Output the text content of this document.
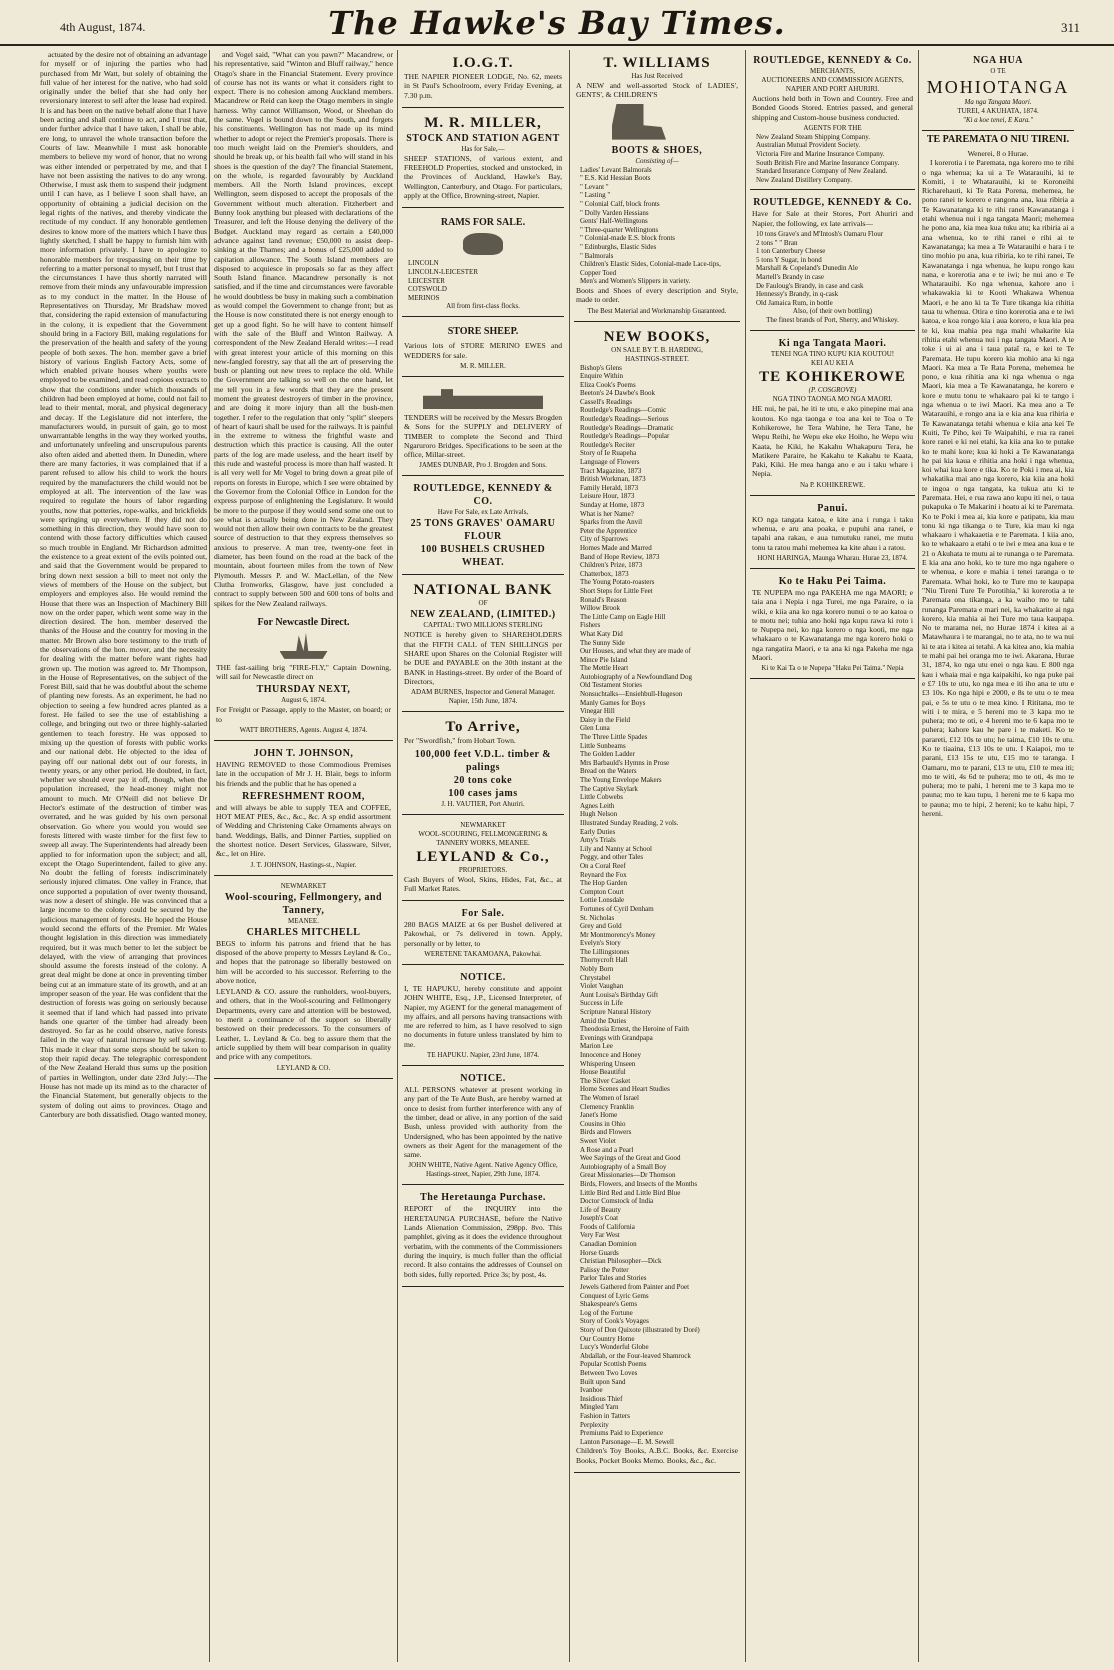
4th August, 1874.	The Hawke's Bay Times.	311

actuated by the desire not of obtaining an advantage for myself or of injuring the parties who had purchased from Mr Watt, but solely of obtaining the full value of her interest for the native, who had sold originally under the belief that she had only her reversionary interest to sell after the lease had expired. It is and has been on the native behalf alone that I have been acting and shall continue to act, and I trust that, under further advice that I have taken, I shall be able, ere long, to unravel the whole transaction before the Courts of law. Meanwhile I must ask honorable members to believe my word of honor, that no wrong was either intended or perpetrated by me, and that I have not been assisting the natives to do any wrong. Otherwise, I must ask them to suspend their judgment until I can have, as I believe I soon shall have, an opportunity of obtaining a judicial decision on the legal rights of the natives, and thereby vindicate the rectitude of my conduct. If any honorable gentlemen desires to know more of the matters which I have thus lightly sketched, I shall be happy to furnish him with more information privately. I have to apologize to honorable members for trespassing on their time by referring to a matter personal to myself, but I trust that the circumstances I have thus shortly narrated will remove from their minds any unfavourable impression as to my conduct in the matter. In the House of Representatives on Thursday, Mr Bradshaw moved that, considering the rapid extension of manufacturing in the colony, it is expedient that the Government should bring in a Factory Bill, making regulations for the preservation of the health and safety of the young people of both sexes. The hon. member gave a brief history of various English Factory Acts, some of which enabled private houses where youths were employed to be examined, and read copious extracts to show that the conditions under which thousands of children had been employed at home, could not fail to lead to their mental, moral, and physical degeneracy and decay. If the Legislature did not interfere, the manufacturers would, in pursuit of gain, go to most unwarrantable lengths in the way they worked youths, and unfortunately unfeeling and unscrupulous parents also often aided and abetted them. In Dunedin, where there are many factories, it was complained that if a parent refused to allow his child to work the hours required by the manufacturers the child would not be employed at all. The intervention of the law was required to regulate the hours of labor regarding youths, now that potteries, rope-walks, and brickfields were springing up everywhere. If they did not do something in this direction, they would have soon to contend with those factory difficulties which caused so much trouble in England. Mr Richardson admitted the existence to a great extent of the evils pointed out, and said that the Government would be prepared to bring down next session a bill to meet not only the views of members of the House on the subject, but employers and employes also. He would remind the House that there was an Inspection of Machinery Bill now on the order paper, which went some way in the direction desired. The hon. member deserved the thanks of the House and the country for moving in the matter. Mr Brown also bore testimony to the truth of the observations of the hon. mover, and the necessity for dealing with the matter before want rights had grown up. The motion was agreed to. Mr Thompson, in the House of Representatives, on the subject of the Forest Bill, said that he was doubtful about the scheme of planting new forests. As an experiment, he had no objection to seeing a few hundred acres planted as a forest. He failed to see the use of establishing a college, and bringing out two or three highly-salaried gentlemen to teach forestry. He was opposed to mixing up the question of forests with public works and our national debt. He objected to the idea of paying off our national debt out of our forests, in twenty years, or any other period. He doubted, in fact, whether we should ever pay it off, though, when the population increased, the head-money might not amount to much. Mr O'Neill did not believe Dr Hector's estimate of the destruction of timber was overrated, and he was guided by his own personal observation. Go where you would you would see forests littered with waste timber for the first few to sweep all away. The Superintendents had already been applied to for information upon the subject; and all, except the Otago Superintendent, failed to give any. No doubt the felling of forests indiscriminately seriously injured climates. One valley in France, that once supported a population of over twenty thousand, was now a desert of shingle. He was convinced that a large income to the colony could be secured by the judicious management of forests. He hoped the House would second the efforts of the Premier. Mr Wales thought legislation in this direction was immediately required, but it was much better to let the subject be delayed, with the view of arranging that provinces should assume the forests instead of the colony. A great deal might be done at once in preventing timber being cut at an immature state of its growth, and at an improper season of the year. He was confident that the destruction of forests was going on seriously because it seemed that if land which had passed into private hands one quarter of the timber had already been destroyed. So far as he could observe, native forests failed in the way of natural increase by self sowing. This made it clear that some steps should be taken to stop their rapid decay. The telegraphic correspondent of the New Zealand Herald thus sums up the position of parties in Wellington, under date 23rd July:—The House has not made up its mind as to the character of the Financial Statement, but generally objects to the system of doling out aims to provinces. Otago and Canterbury are both dissatisfied. Otago wanted money,

and Vogel said, "What can you pawn?" Macandrew, or his representative, said "Winton and Bluff railway," hence Otago's share in the Financial Statement. Every province of course has not its wants or what it considers right to expect. There is no cohesion among Auckland members. Macandrew or Reid can keep the Otago members in single harness. Why cannot Williamson, Wood, or Sheehan do the same. Vogel is bound down to the South, and forgets his constituents. Wellington has not made up its mind whether to adopt or reject the Premier's proposals. There is too much weight laid on the Premier's shoulders, and should he break up, or his health fail who will stand in his shoes is the question of the day? The financial Statement, on the whole, is regarded favourably by Auckland members. All the North Island provinces, except Wellington, seem disposed to accept the proposals of the Government without much alteration. Fitzherbert and Bunny look anything but pleased with declarations of the Treasurer, and left the House denying the delivery of the Budget. Auckland may regard as certain a £40,000 advance against land revenue; £50,000 to assist deep-sinking at the Thames; and a bonus of £25,000 added to capitation allowance. The South Island members are disposed to acquiesce in proposals so far as they affect South Island finance. Macandrew personally is not satisfied, and if the time and circumstances were favorable he would doubtless be busy in making such a combination as would compel the Government to change front; but as the House is now constituted there is not energy enough to get up a good fight. So he will have to content himself with the sale of the Bluff and Winton Railway. A correspondent of the New Zealand Herald writes:—I read with great interest your article of this morning on this new-fangled forestry, say that all the art of preserving the bush or planting out new trees to replace the old. While the Government are talking so well on the one hand, let me tell you in a few words that they are the present moment the greatest destroyers of timber in the province, and are doing it more injury than all the bush-men together. I refer to the regulation that only "split" sleepers of heart of kauri shall be used for the railways. It is painful in the extreme to witness the frightful waste and destruction which this practice is causing. All the outer parts of the log are made useless, and the heart itself by this rude and wasteful process is more than half wasted. It is all very well for Mr Vogel to bring down a great pile of reports on forests in Europe, which I see were obtained by the Governor from the Colonial Office in London for the express purpose of enlightening the Legislature. It would be more to the purpose if they would send some one out to see what is actually being done in New Zealand. They would not then allow their own contracts to be the greatest source of destruction to that they express themselves so anxious to preserve. A man tree, twenty-one feet in diameter, has been found on the road at the back of the mountain, about fourteen miles from the town of New Plymouth. Messrs P. and W. MacLellan, of the New Clutha Ironworks, Glasgow, have just concluded a contract to supply between 500 and 600 tons of bolts and spikes for the New Zealand railways.

For Newcastle Direct.

THE fast-sailing brig "FIRE-FLY," Captain Downing, will sail for Newcastle direct on

THURSDAY NEXT,
August 6, 1874.

For Freight or Passage, apply to the Master, on board; or to

WATT BROTHERS, Agents. August 4, 1874.
JOHN T. JOHNSON,

HAVING REMOVED to those Commodious Premises late in the occupation of Mr J. H. Blair, begs to inform his friends and the public that he has opened a

REFRESHMENT ROOM,

and will always be able to supply TEA and COFFEE, HOT MEAT PIES, &c., &c., &c. A sp endid assortment of Wedding and Christening Cake Ornaments always on hand. Weddings, Balls, and Dinner Parties, supplied on the shortest notice. Desert Services, Glassware, Silver, &c., let on Hire.

J. T. JOHNSON, Hastings-st., Napier.
NEWMARKET
Wool-scouring, Fellmongery, and Tannery,
MEANEE.
CHARLES MITCHELL

BEGS to inform his patrons and friend that he has disposed of the above property to Messrs Leyland & Co., and hopes that the patronage so liberally bestowed on him will be accorded to his successor. Referring to the above notice,

LEYLAND & CO. assure the runholders, wool-buyers, and others, that in the Wool-scouring and Fellmongery Departments, every care and attention will be bestowed, to merit a continuance of the support so liberally bestowed on their predecessors. To the consumers of Leather, L. Leyland & Co. beg to assure them that the article supplied by them will bear comparison in quality and price with any competitors.

LEYLAND & CO.
I.O.G.T.

THE NAPIER PIONEER LODGE, No. 62, meets in St Paul's Schoolroom, every Friday Evening, at 7.30 p.m.

M. R. MILLER,
STOCK AND STATION AGENT
Has for Sale,—

SHEEP STATIONS, of various extent, and FREEHOLD Properties, stocked and unstocked, in the Provinces of Auckland, Hawke's Bay, Wellington, Canterbury, and Otago. For particulars, apply at the Office, Browning-street, Napier.

RAMS FOR SALE.
LINCOLN
LINCOLN-LEICESTER
LEICESTER
COTSWOLD
MERINOS
All from first-class flocks.
STORE SHEEP.

Various lots of STORE MERINO EWES and WEDDERS for sale.

M. R. MILLER.

TENDERS will be received by the Messrs Brogden & Sons for the SUPPLY and DELIVERY of TIMBER to complete the Second and Third Ngaruroro Bridges. Specifications to be seen at the office, Millar-street.

JAMES DUNBAR, Pro J. Brogden and Sons.
ROUTLEDGE, KENNEDY & CO.
Have For Sale, ex Late Arrivals,
25 TONS GRAVES' OAMARU FLOUR
100 BUSHELS CRUSHED WHEAT.
NATIONAL BANK
OF
NEW ZEALAND, (LIMITED.)
CAPITAL: TWO MILLIONS STERLING

NOTICE is hereby given to SHAREHOLDERS that the FIFTH CALL of TEN SHILLINGS per SHARE upon Shares on the Colonial Register will be DUE and PAYABLE on the 30th instant at the BANK in Hastings-street. By order of the Board of Directors,

ADAM BURNES, Inspector and General Manager. Napier, 15th June, 1874.
To Arrive,

Per "Swordfish," from Hobart Town.

100,000 feet V.D.L. timber & palings
20 tons coke
100 cases jams
J. H. VAUTIER, Port Ahuriri.
NEWMARKET
WOOL-SCOURING, FELLMONGERING & TANNERY WORKS, MEANEE.
LEYLAND & Co.,
PROPRIETORS.

Cash Buyers of Wool, Skins, Hides, Fat, &c., at Full Market Rates.

For Sale.

280 BAGS MAIZE at 6s per Bushel delivered at Pakowhai, or 7s delivered in town. Apply, personally or by letter, to

WERETENE TAKAMOANA, Pakowhai.
NOTICE.

I, TE HAPUKU, hereby constitute and appoint JOHN WHITE, Esq., J.P., Licensed Interpreter, of Napier, my AGENT for the general management of my affairs, and all persons having transactions with me are referred to him, as I have resolved to sign no documents in future unless translated by him to me.

TE HAPUKU. Napier, 23rd June, 1874.
NOTICE.

ALL PERSONS whatever at present working in any part of the Te Aute Bush, are hereby warned at once to desist from further interference with any of the timber, dead or alive, in any portion of the said Bush, unless provided with authority from the Undersigned, who has been appointed by the native owners as their Agent for the management of the same.

JOHN WHITE, Native Agent. Native Agency Office, Hastings-street, Napier, 29th June, 1874.
The Heretaunga Purchase.

REPORT of the INQUIRY into the HERETAUNGA PURCHASE, before the Native Lands Alienation Commission, 298pp. 8vo. This pamphlet, giving as it does the evidence throughout verbatim, with the comments of the Commissioners during the inquiry, is much fuller than the official record. It also contains the addresses of Counsel on both sides, fully reported. Price 3s; by post, 4s.

T. WILLIAMS
Has Just Received

A NEW and well-assorted Stock of LADIES', GENTS', & CHILDREN'S

BOOTS & SHOES,
Consisting of—
Ladies' Levant Balmorals
" E.S. Kid Hessian Boots
" Levant "
" Lasting "
" Colonial Calf, block fronts
" Dolly Varden Hessians
Gents' Half-Wellingtons
" Three-quarter Wellingtons
" Colonial-made E.S. block fronts
" Edinburghs, Elastic Sides
" Balmorals
Children's Elastic Sides, Colonial-made Lace-tips, Copper Toed
Men's and Women's Slippers in variety.

Boots and Shoes of every description and Style, made to order.

The Best Material and Workmanship Guaranteed.
NEW BOOKS,
ON SALE BY T. B. HARDING,
HASTINGS-STREET.
Bishop's Glens
Enquire Within
Eliza Cook's Poems
Beeton's 24 Dawbe's Book
Cassell's Readings
Routledge's Readings—Comic
Routledge's Readings—Serious
Routledge's Readings—Dramatic
Routledge's Readings—Popular
Routledge's Reciter
Story of Ie Ruapeha
Language of Flowers
Tract Magazine, 1873
British Workman, 1873
Family Herald, 1873
Leisure Hour, 1873
Sunday at Home, 1873
What is her Name?
Sparks from the Anvil
Peter the Apprentice
City of Sparrows
Homes Made and Marred
Band of Hope Review, 1873
Children's Prize, 1873
Chatterbox, 1873
The Young Potato-roasters
Short Steps for Little Feet
Ronald's Reason
Willow Brook
The Little Camp on Eagle Hill
Fishers
What Katy Did
The Sunny Side
Our Houses, and what they are made of
Mince Pie Island
The Mettle Heart
Autobiography of a Newfoundland Dog
Old Testament Stories
Nonsuchtalks—Ensiehbull-Hugeson
Manly Games for Boys
Vinegar Hill
Daisy in the Field
Glen Luna
The Three Little Spades
Little Sunbeams
The Golden Ladder
Mrs Barbauld's Hymns in Prose
Bread on the Waters
The Young Envelope Makers
The Captive Skylark
Little Cobwebs
Agnes Leith
Hugh Nelson
Illustrated Sunday Reading, 2 vols.
Early Duties
Amy's Trials
Lily and Nanny at School
Peggy, and other Tales
On a Coral Reef
Reynard the Fox
The Hop Garden
Compton Court
Lottie Lonsdale
Fortunes of Cyril Denham
St. Nicholas
Grey and Gold
Mr Montmorency's Money
Evelyn's Story
The Lillingstones
Thornycroft Hall
Nobly Born
Chrystabel
Violet Vaughan
Aunt Louisa's Birthday Gift
Success in Life
Scripture Natural History
Amid the Duties
Theodosia Ernest, the Heroine of Faith
Evenings with Grandpapa
Marion Lee
Innocence and Honey
Whispering Unseen
House Beautiful
The Silver Casket
Home Scenes and Heart Studies
The Women of Israel
Clemency Franklin
Janet's Home
Cousins in Ohio
Birds and Flowers
Sweet Violet
A Rose and a Pearl
Wee Sayings of the Great and Good
Autobiography of a Small Boy
Great Missionaries—Dr Thomson
Birds, Flowers, and Insects of the Months
Little Bird Red and Little Bird Blue
Doctor Comstock of India
Life of Beauty
Joseph's Coat
Foods of California
Very Far West
Canadian Dominion
Horse Guards
Christian Philosopher—Dick
Palissy the Potter
Parlor Tales and Stories
Jewels Gathered from Painter and Poet
Conquest of Lyric Gems
Shakespeare's Gems
Log of the Fortune
Story of Cook's Voyages
Story of Don Quixote (illustrated by Doré)
Our Country Home
Lucy's Wonderful Globe
Abdallah, or the Four-leaved Shamrock
Popular Scottish Poems
Between Two Loves
Built upon Sand
Ivanhoe
Insidious Thief
Mingled Yarn
Fashion in Tatters
Perplexity
Premiums Paid to Experience
Lanton Parsonage—E. M. Sewell

Children's Toy Books, A.B.C. Books, &c. Exercise Books, Pocket Books Memo. Books, &c., &c.

ROUTLEDGE, KENNEDY & Co.
MERCHANTS,
AUCTIONEERS AND COMMISSION AGENTS,
NAPIER AND PORT AHURIRI.

Auctions held both in Town and Country. Free and Bonded Goods Stored. Entries passed, and general shipping and Custom-house business conducted.

AGENTS FOR THE
New Zealand Steam Shipping Company.
Australian Mutual Provident Society.
Victoria Fire and Marine Insurance Company.
South British Fire and Marine Insurance Company.
Standard Insurance Company of New Zealand.
New Zealand Distillery Company.
ROUTLEDGE, KENNEDY & Co.

Have for Sale at their Stores, Port Ahuriri and Napier, the following, ex late arrivals—

10 tons Grave's and M'Intosh's Oamaru Flour
2 tons " " Bran
1 ton Canterbury Cheese
5 tons Y Sugar, in bond
Marshall & Copeland's Dunedin Ale
Martell's Brandy in case
De Fauloug's Brandy, in case and cask
Hennessy's Brandy, in q-cask
Old Jamaica Rum, in bottle
Also, (of their own bottling)
The finest brands of Port, Sherry, and Whiskey.
Ki nga Tangata Maori.
TENEI NGA TINO KUPU KIA KOUTOU!
KEI AU KEI A
TE KOHIKEROWE
(P. COSGROVE)
NGA TINO TAONGA MO NGA MAORI.

HE nui, he pai, he iti te utu, e ako pinepine mai ana koutou. Ko nga taonga e toa ana kei te Toa o Te Kohikerowe, he Tera Wahine, he Tera Tane, he Wepu Reihi, he Wepu eke eke Hoiho, he Wepu wiu Kaata, he Kiki, he Kakahu Whakapuru Tera, he Matikere Paraire, he Kakahu te Kakahu te Kaata, Paki, Kiki. He mea hanga ano e au i taku whare i Nepia.

Na P. KOHIKEREWE.
Panui.

KO nga tangata katoa, e kite ana i runga i taku whenua, e aru ana poaka, e pupuhi ana ranei, e tapahi ana rakau, e aua tumutuku ranei, me mutu tonu ta ratou mahi mehemea ka kite ahau i a ratou.

HONI HARINGA, Maunga Wharau. Hurae 23, 1874.
Ko te Haku Pei Taima.

TE NUPEPA mo nga PAKEHA me nga MAORI; e taia ana i Nepia i nga Turei, me nga Paraire, o ia wiki, e kiia ana ko nga korero nunui o te ao katoa o te motu nei; tuhia ano hoki nga kupu rawa ki roto i te Nupepa nei, ko nga korero o nga kooti, me nga whakaaro o te Kawanatanga me nga korero hoki o nga rangatira Maori, e ta ana ki nga Pakeha me nga Maori.

Ki te Kai Ta o te Nupepa "Haku Pei Taima." Nepia
NGA HUA
O TE
MOHIOTANGA
Ma nga Tangata Maori.
TUREI, 4 AKUHATA, 1874.
"Ki a koe tenei, E Kara."
TE PAREMATA O NIU TIRENI.
Wenerei, 8 o Hurae.

I korerotia i te Paremata, nga korero mo te rihi o nga whenua; ka ui a Te Watarauihi, ki te Komiti, i te Whatarauihi, ki te Koroneihi Richarehauti, ki Te Rata Porena, mehemea, he pono ranei te korero e rangona ana, kua ribiria a Te Kawanatanga ki te rihi ranei Kawanatanga i etahi whenua nui i nga tangata Maori; mehemea he pono ana, kia mea kua tuku atu; ka ribiria ai a ana whenua, ko te rihi ranei e rihi ai te Kawanatanga; ka mea a Te Watarauihi e hara i te tino mohio pu ana, kua ribiria, ko te rihi ranei, Te Kawanatanga i nga whenua, he kupu rongo kau nana, e korerotia ana e te iwi; he nui ano e Te Whatarauihi. Ko nga whenua, kahore ano i whakawakia ki te Kooti Whakawa Whenua Maori, e he ano ki ta Te Ture tikanga kia rihitia taua tu whenua. Otira e tino korerotia ana e te iwi katoa, e koa rongo kia i aua korero, e kua kia pea te ki, kua mahia pea nga mahi whakarite kia rihitia etahi whenua nui i nga tangata Maori. A te toke i ui ai ana i taua pataī ra, e kei te Te Paremata. He tupu korero kia mohio ana ki nga Maori. Ka mea a Te Rata Porena, mehemea he pono, e kua rihitia ana ki nga whenua o nga Maori, kia mea a Te Kawanatanga, he korero e kore e mutu tonu te whakaaro pai ki te tango i nga whenua o te iwi Maori. Ka mea ano a Te Watarauihi, e rongo ana ia e kia ana kua rihiria e Te Kawanatanga tetahi whenua e kiia ana kei Te Kuiti, Te Piho, kei Te Waipahihi, e rua ra ranei kore ranei e ki nei etahi, ka kiia ana ko te putake ko te mahi kore; kua ki hoki a Te Kawanatanga he pai kia kaua e rihitia ana hoki i nga whenua, koi whai kua kore e tika. Ko te Poki i mea ai, kia whakatika mai ano nga korero, kia kiia ana hoki te ingoa o nga tangata, ka tukua atu ki te Paremata. Hei, e rua rawa ano kupu iti nei, o taua pukapuka o Te Makarini i hoatu ai ki te Paremata. Ko te Poki i mea ai, kia kore e patipatu, kia mau tonu ki nga tikanga o te Ture, kia mau ki nga whakaaro i whakaaetia e te Paremata. I kiia ano, ko te whakaaro a etahi o te iwi e mea ana kua e te 21 o Akuhata te mutu ai te runanga o te Paremata. E kia ana ano hoki, ko te ture mo nga ngahere o te whenua, e kore e mahia i tenei taranga o te Paremata. Whai hoki, ko te Ture mo te kaupapa "Niu Tireni Ture Te Porotihia," ki korerotia a te Paremata ona tikanga, a ka waiho mo te tahi runanga Paremata e mari nei, ka whakarite ai nga korero, kia mahia ai hei Ture mo taua kaupapa. No te marama nei, no Hurae 1874 i kitea ai a Matawhaura i te marangai, no te ata, no te wa nui ki te ata i kitea ai tetahi. A ka kitea ano, kia mahia te mahi pai hei oranga mo te iwi. Akarana, Hurae 31, 1874, ko nga utu enei o nga kau. E 800 nga kau i whaia mai e nga kaipakihi, ko nga puke pai e £7 10s te utu, ko nga mea e iti iho ana te utu e £3 10s. Ko nga hipi e 2000, e 8s te utu o te mea pai, e 5s te utu o te mea kino. I Rititana, mo te witi i te mira, e 5 hereni mo te 3 kapa mo te puhera; mo te oti, e 4 hereni mo te 6 kapa mo te puhera; kahore kau he pare i te maketi. Ko te parareti, £12 10s te utu; he taima, £10 10s te utu. Ko te tiaaina, £13 10s te utu. I Kaiapoi, mo te parani, £13 15s te utu, £15 mo te taranga. I Oamaru, mo te parani, £13 te utu, £10 te mea iti; mo te witi, 4s 6d te puhera; mo te oti, 4s mo te puhera; mo te pahi, 1 hereni me te 3 kapa mo te pauna; mo te kau tupu, 1 hereni me te 6 kapa mo te pauna; mo te hipi, 2 hereni; ko te kahu hipi, 7 hereni.
